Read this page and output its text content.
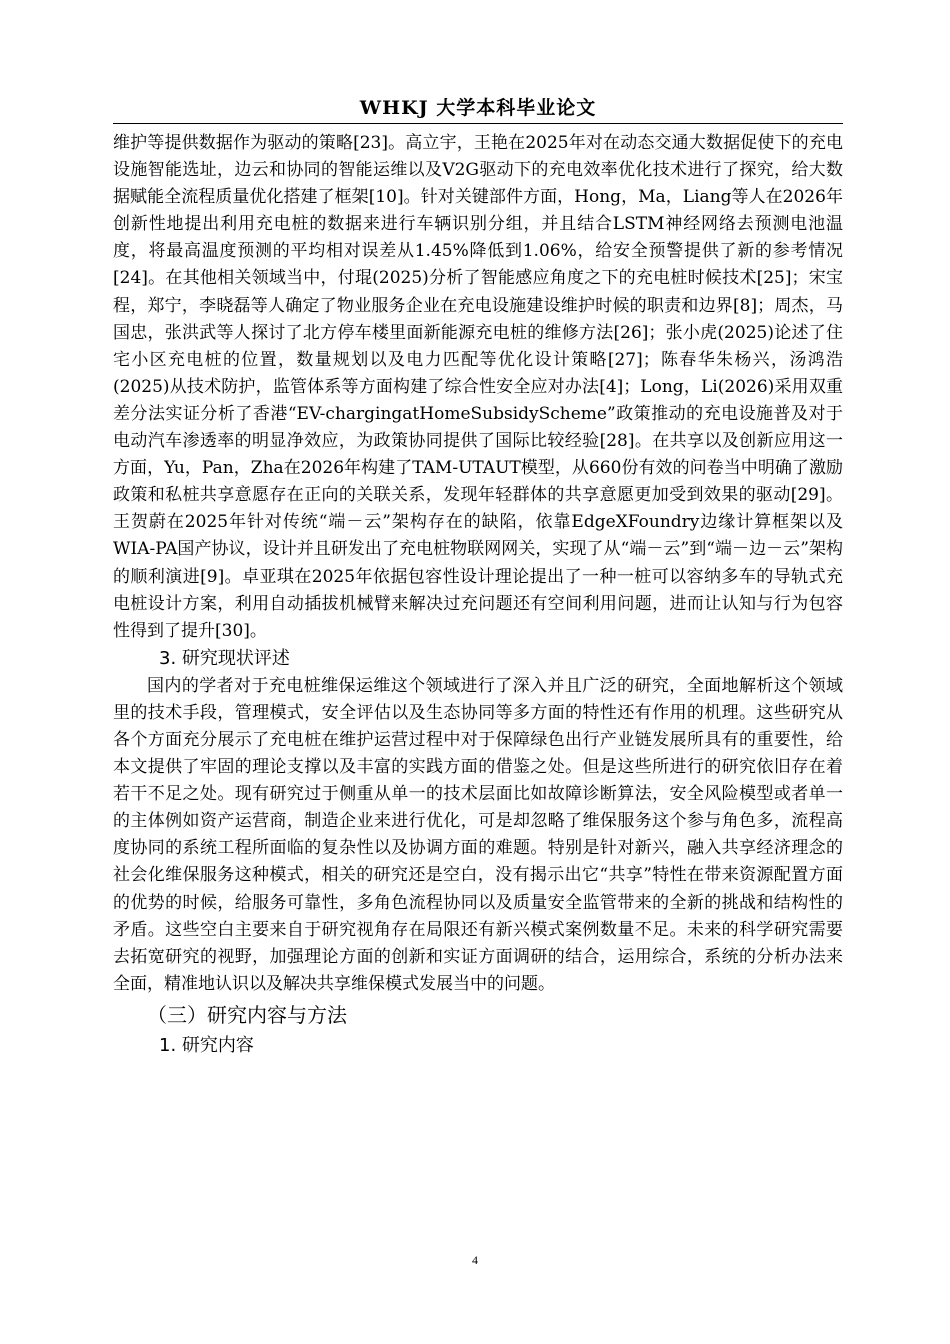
WHKJ 大学本科毕业论文

维护等提供数据作为驱动的策略[23]。高立宇，王艳在2025年对在动态交通大数据促使下的充电设施智能选址，边云和协同的智能运维以及V2G驱动下的充电效率优化技术进行了探究，给大数据赋能全流程质量优化搭建了框架[10]。针对关键部件方面，Hong，Ma，Liang等人在2026年创新性地提出利用充电桩的数据来进行车辆识别分组，并且结合LSTM神经网络去预测电池温度，将最高温度预测的平均相对误差从1.45%降低到1.06%，给安全预警提供了新的参考情况[24]。在其他相关领域当中，付琨(2025)分析了智能感应角度之下的充电桩时候技术[25]；宋宝程，郑宁，李晓磊等人确定了物业服务企业在充电设施建设维护时候的职责和边界[8]；周杰，马国忠，张洪武等人探讨了北方停车楼里面新能源充电桩的维修方法[26]；张小虎(2025)论述了住宅小区充电桩的位置，数量规划以及电力匹配等优化设计策略[27]；陈春华朱杨兴，汤鸿浩(2025)从技术防护，监管体系等方面构建了综合性安全应对办法[4]；Long，Li(2026)采用双重差分法实证分析了香港“EV-chargingatHomeSubsidyScheme”政策推动的充电设施普及对于电动汽车渗透率的明显净效应，为政策协同提供了国际比较经验[28]。在共享以及创新应用这一方面，Yu，Pan，Zha在2026年构建了TAM-UTAUT模型，从660份有效的问卷当中明确了激励政策和私桩共享意愿存在正向的关联关系，发现年轻群体的共享意愿更加受到效果的驱动[29]。王贺蔚在2025年针对传统“端－云”架构存在的缺陷，依靠EdgeXFoundry边缘计算框架以及WIA-PA国产协议，设计并且研发出了充电桩物联网网关，实现了从“端－云”到“端－边－云”架构的顺利演进[9]。卓亚琪在2025年依据包容性设计理论提出了一种一桩可以容纳多车的导轨式充电桩设计方案，利用自动插拔机械臂来解决过充问题还有空间利用问题，进而让认知与行为包容性得到了提升[30]。

3. 研究现状评述

国内的学者对于充电桩维保运维这个领域进行了深入并且广泛的研究，全面地解析这个领域里的技术手段，管理模式，安全评估以及生态协同等多方面的特性还有作用的机理。这些研究从各个方面充分展示了充电桩在维护运营过程中对于保障绿色出行产业链发展所具有的重要性，给本文提供了牢固的理论支撑以及丰富的实践方面的借鉴之处。但是这些所进行的研究依旧存在着若干不足之处。现有研究过于侧重从单一的技术层面比如故障诊断算法，安全风险模型或者单一的主体例如资产运营商，制造企业来进行优化，可是却忽略了维保服务这个参与角色多，流程高度协同的系统工程所面临的复杂性以及协调方面的难题。特别是针对新兴，融入共享经济理念的社会化维保服务这种模式，相关的研究还是空白，没有揭示出它“共享”特性在带来资源配置方面的优势的时候，给服务可靠性，多角色流程协同以及质量安全监管带来的全新的挑战和结构性的矛盾。这些空白主要来自于研究视角存在局限还有新兴模式案例数量不足。未来的科学研究需要去拓宽研究的视野，加强理论方面的创新和实证方面调研的结合，运用综合，系统的分析办法来全面，精准地认识以及解决共享维保模式发展当中的问题。

（三）研究内容与方法

1. 研究内容

4
